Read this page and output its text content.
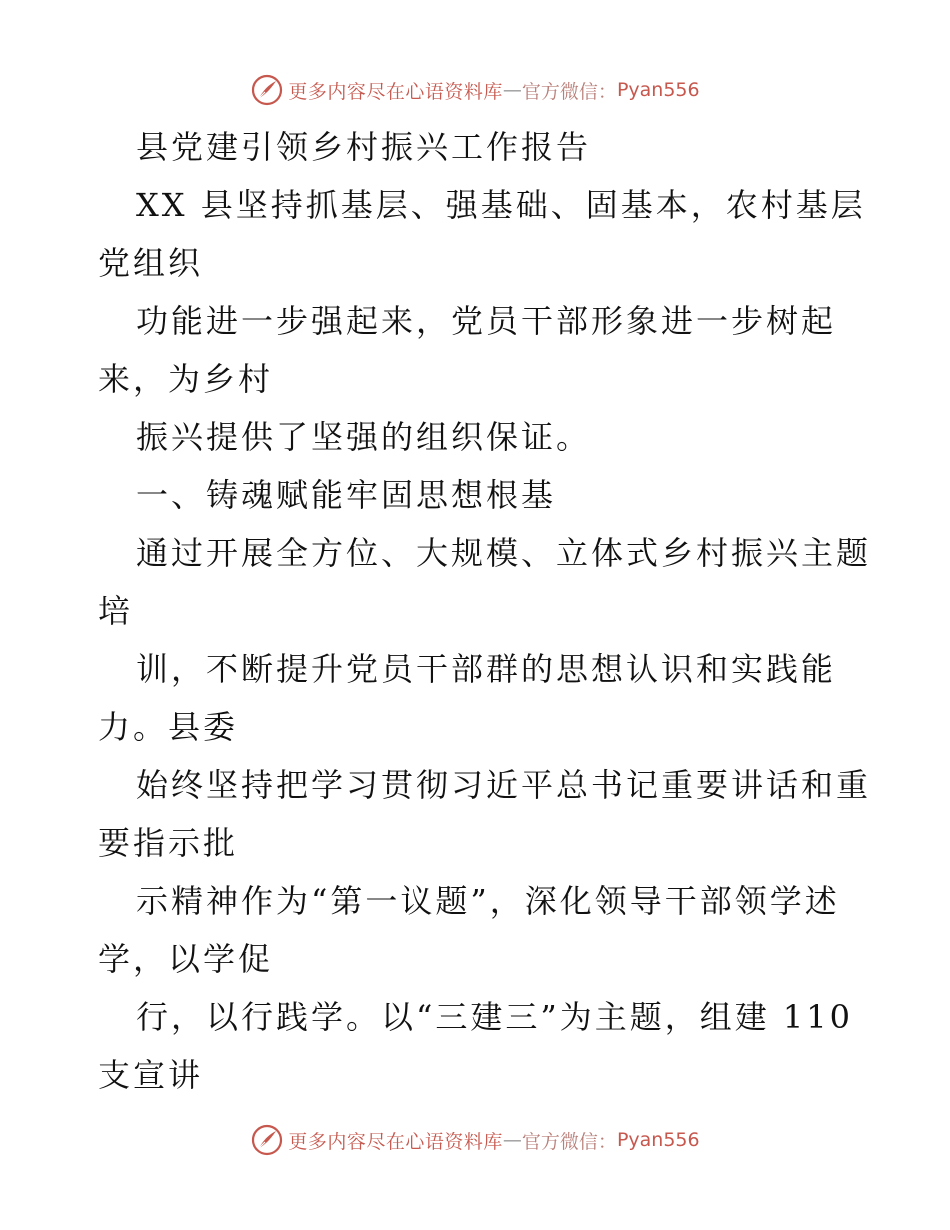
更多内容尽在心语资料库 — 官方微信： Pyan556
县党建引领乡村振兴工作报告
XX 县坚持抓基层、强基础、固基本，农村基层
党组织
功能进一步强起来，党员干部形象进一步树起
来，为乡村
振兴提供了坚强的组织保证。
一、铸魂赋能牢固思想根基
通过开展全方位、大规模、立体式乡村振兴主题
培
训，不断提升党员干部群的思想认识和实践能
力。县委
始终坚持把学习贯彻习近平总书记重要讲话和重
要指示批
示精神作为“第一议题”，深化领导干部领学述
学，以学促
行，以行践学。以“三建三”为主题，组建 110
支宣讲
更多内容尽在心语资料库 — 官方微信： Pyan556
